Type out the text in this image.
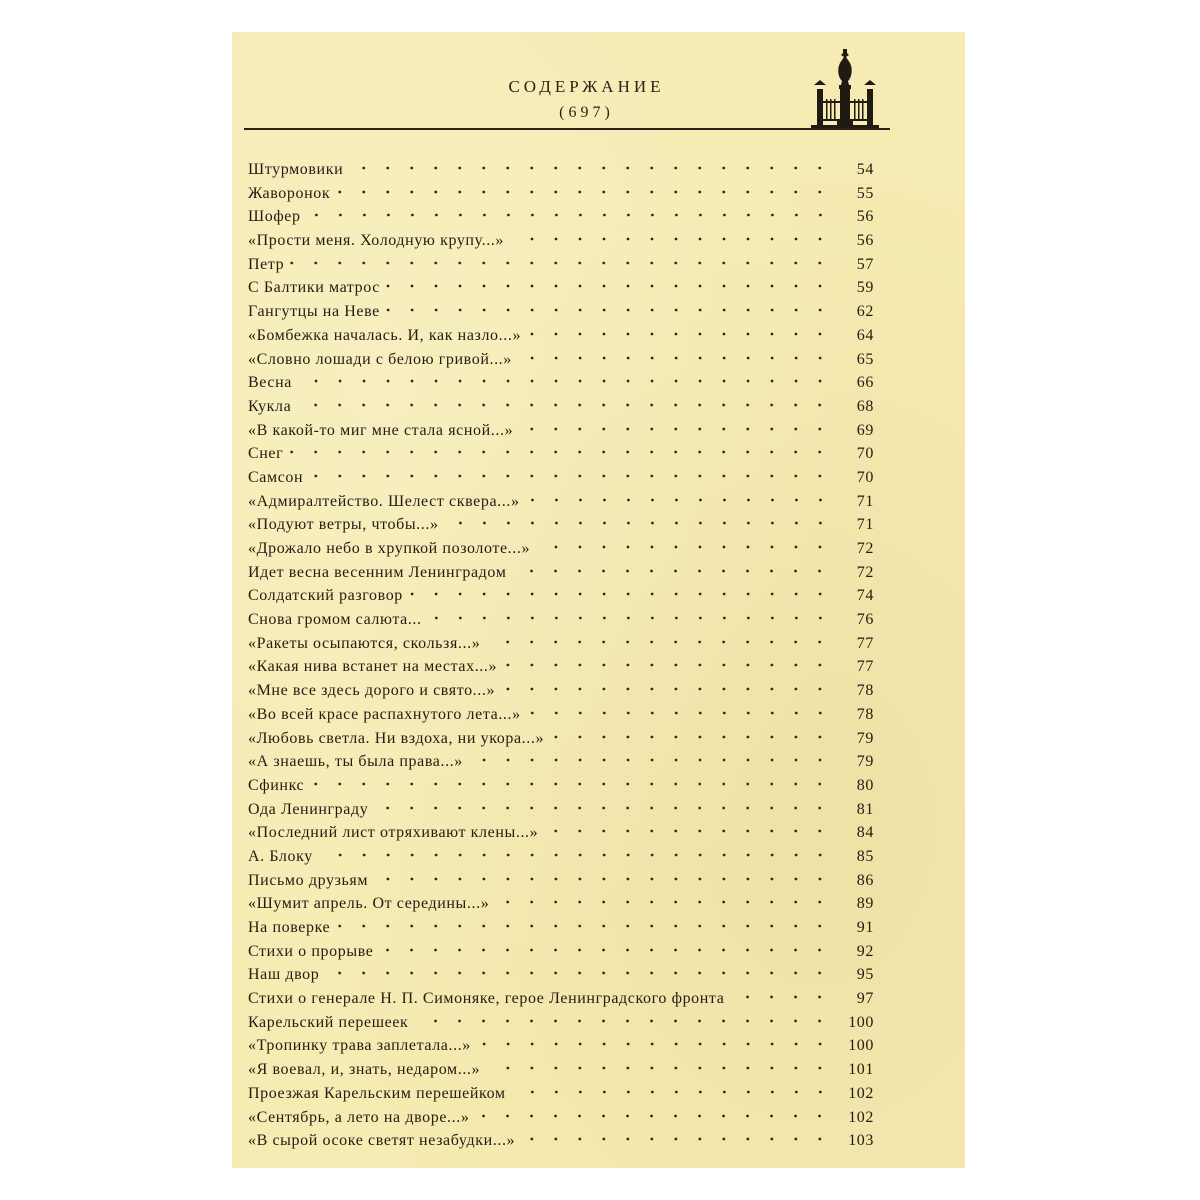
СОДЕРЖАНИЕ
(697)
Штурмовики	54
Жаворонок	55
Шофер	56
«Прости меня. Холодную крупу...»	56
Петр	57
С Балтики матрос	59
Гангутцы на Неве	62
«Бомбежка началась. И, как назло...»	64
«Словно лошади с белою гривой...»	65
Весна	66
Кукла	68
«В какой-то миг мне стала ясной...»	69
Снег	70
Самсон	70
«Адмиралтейство. Шелест сквера...»	71
«Подуют ветры, чтобы...»	71
«Дрожало небо в хрупкой позолоте...»	72
Идет весна весенним Ленинградом	72
Солдатский разговор	74
Снова громом салюта...	76
«Ракеты осыпаются, скользя...»	77
«Какая нива встанет на местах...»	77
«Мне все здесь дорого и свято...»	78
«Во всей красе распахнутого лета...»	78
«Любовь светла. Ни вздоха, ни укора...»	79
«А знаешь, ты была права...»	79
Сфинкс	80
Ода Ленинграду	81
«Последний лист отряхивают клены...»	84
А. Блоку	85
Письмо друзьям	86
«Шумит апрель. От середины...»	89
На поверке	91
Стихи о прорыве	92
Наш двор	95
Стихи о генерале Н. П. Симоняке, герое Ленинградского фронта	97
Карельский перешеек	100
«Тропинку трава заплетала...»	100
«Я воевал, и, знать, недаром...»	101
Проезжая Карельским перешейком	102
«Сентябрь, а лето на дворе...»	102
«В сырой осоке светят незабудки...»	103
